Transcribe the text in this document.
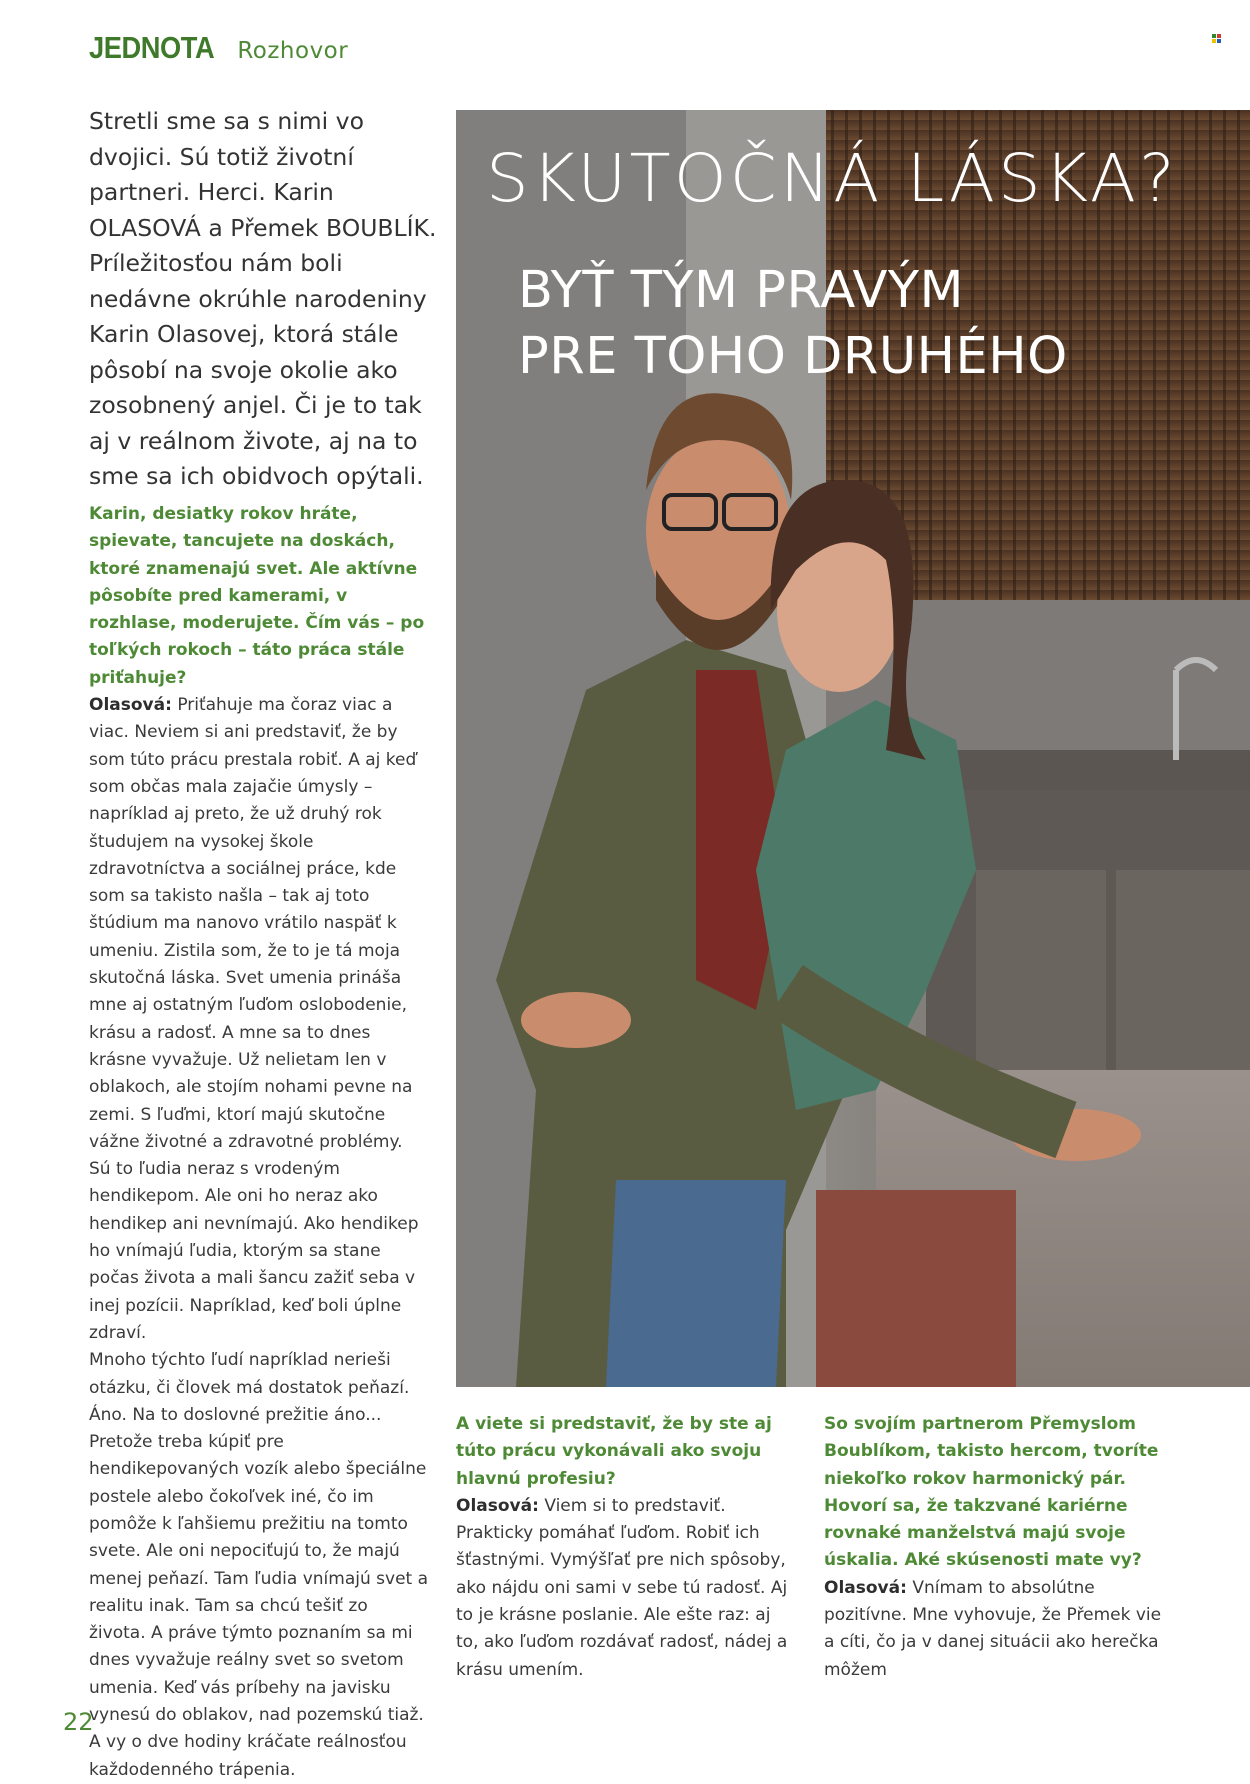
JEDNOTA Rozhovor
Stretli sme sa s nimi vo dvojici. Sú totiž životní partneri. Herci. Karin OLASOVÁ a Přemek BOUBLÍK. Príležitosťou nám boli nedávne okrúhle narodeniny Karin Olasovej, ktorá stále pôsobí na svoje okolie ako zosobnený anjel. Či je to tak aj v reálnom živote, aj na to sme sa ich obidvoch opýtali.
SKUTOČNÁ LÁSKA?
BYŤ TÝM PRAVÝM
PRE TOHO DRUHÉHO

Karin, desiatky rokov hráte, spievate, tancujete na doskách, ktoré znamenajú svet. Ale aktívne pôsobíte pred kamerami, v rozhlase, moderujete. Čím vás – po toľkých rokoch – táto práca stále priťahuje?

Olasová: Priťahuje ma čoraz viac a viac. Neviem si ani predstaviť, že by som túto prácu prestala robiť. A aj keď som občas mala zajačie úmysly – napríklad aj preto, že už druhý rok študujem na vysokej škole zdravotníctva a sociálnej práce, kde som sa takisto našla – tak aj toto štúdium ma nanovo vrátilo naspäť k umeniu. Zistila som, že to je tá moja skutočná láska. Svet umenia prináša mne aj ostatným ľuďom oslobodenie, krásu a radosť. A mne sa to dnes krásne vyvažuje. Už nelietam len v oblakoch, ale stojím nohami pevne na zemi. S ľuďmi, ktorí majú skutočne vážne životné a zdravotné problémy. Sú to ľudia neraz s vrodeným hendikepom. Ale oni ho neraz ako hendikep ani nevnímajú. Ako hendikep ho vnímajú ľudia, ktorým sa stane počas života a mali šancu zažiť seba v inej pozícii. Napríklad, keď boli úplne zdraví.

Mnoho týchto ľudí napríklad nerieši otázku, či človek má dostatok peňazí. Áno. Na to doslovné prežitie áno... Pretože treba kúpiť pre hendikepovaných vozík alebo špeciálne postele alebo čokoľvek iné, čo im pomôže k ľahšiemu prežitiu na tomto svete. Ale oni nepociťujú to, že majú menej peňazí. Tam ľudia vnímajú svet a realitu inak. Tam sa chcú tešiť zo života. A práve týmto poznaním sa mi dnes vyvažuje reálny svet so svetom umenia. Keď vás príbehy na javisku vynesú do oblakov, nad pozemskú tiaž. A vy o dve hodiny kráčate reálnosťou každodenného trápenia.

A viete si predstaviť, že by ste aj túto prácu vykonávali ako svoju hlavnú profesiu?

Olasová: Viem si to predstaviť. Prakticky pomáhať ľuďom. Robiť ich šťastnými. Vymýšľať pre nich spôsoby, ako nájdu oni sami v sebe tú radosť. Aj to je krásne poslanie. Ale ešte raz: aj to, ako ľuďom rozdávať radosť, nádej a krásu umením.

So svojím partnerom Přemyslom Boublíkom, takisto hercom, tvoríte niekoľko rokov harmonický pár. Hovorí sa, že takzvané kariérne rovnaké manželstvá majú svoje úskalia. Aké skúsenosti mate vy?

Olasová: Vnímam to absolútne pozitívne. Mne vyhovuje, že Přemek vie a cíti, čo ja v danej situácii ako herečka môžem

22
